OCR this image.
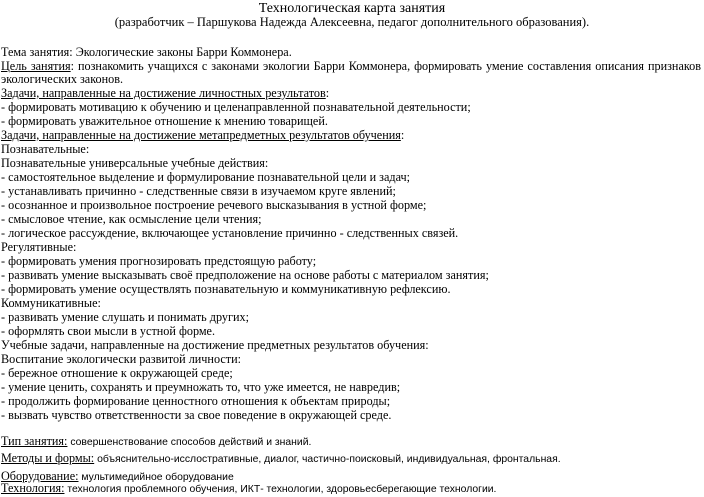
Технологическая карта занятия
(разработчик – Паршукова Надежда Алексеевна, педагог дополнительного образования).
Тема занятия: Экологические законы Барри Коммонера.
Цель занятия: познакомить учащихся с законами экологии Барри Коммонера, формировать умение составления описания признаков
экологических законов.
Задачи, направленные на достижение личностных результатов:
- формировать мотивацию к обучению и целенаправленной познавательной деятельности;
- формировать уважительное отношение к мнению товарищей.
Задачи, направленные на достижение метапредметных результатов обучения:
Познавательные:
Познавательные универсальные учебные действия:
- самостоятельное выделение и формулирование познавательной цели и задач;
- устанавливать причинно - следственные связи в изучаемом круге явлений;
- осознанное и произвольное построение речевого высказывания в устной форме;
- смысловое чтение, как осмысление цели чтения;
- логическое рассуждение, включающее установление причинно - следственных связей.
Регулятивные:
- формировать умения прогнозировать предстоящую работу;
- развивать умение высказывать своё предположение на основе работы с материалом занятия;
- формировать умение осуществлять познавательную и коммуникативную рефлексию.
Коммуникативные:
- развивать умение слушать и понимать других;
- оформлять свои мысли в устной форме.
Учебные задачи, направленные на достижение предметных результатов обучения:
Воспитание экологически развитой личности:
- бережное отношение к окружающей среде;
- умение ценить, сохранять и преумножать то, что уже имеется, не навредив;
- продолжить формирование ценностного отношения к объектам природы;
- вызвать чувство ответственности за свое поведение в окружающей среде.
Тип занятия: совершенствование способов действий и знаний.
Методы и формы: объяснительно-исслостративные, диалог, частично-поисковый, индивидуальная, фронтальная.
Оборудование: мультимедийное оборудование
Технология: технология проблемного обучения, ИКТ- технологии, здоровьесберегающие технологии.
